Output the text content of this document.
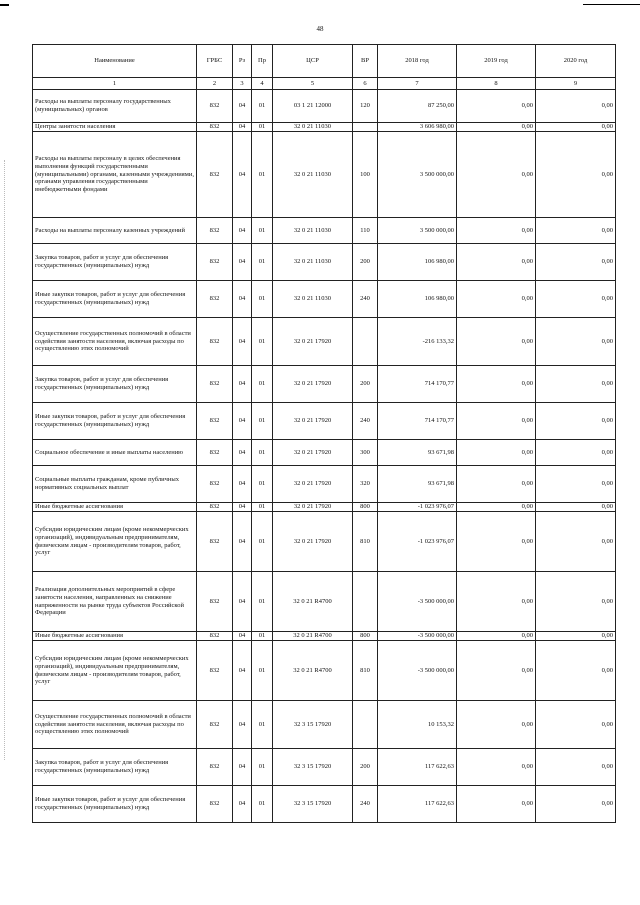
48
Наименование	ГРБС	Рз	Пр	ЦСР	ВР	2018 год	2019 год	2020 год
1	2	3	4	5	6	7	8	9
Расходы на выплаты персоналу государственных (муниципальных) органов	832	04	01	03 1 21 12000	120	87 250,00	0,00	0,00
Центры занятости населения	832	04	01	32 0 21 11030		3 606 980,00	0,00	0,00
Расходы на выплаты персоналу в целях обеспечения выполнения функций государственными (муниципальными) органами, казенными учреждениями, органами управления государственными внебюджетными фондами	832	04	01	32 0 21 11030	100	3 500 000,00	0,00	0,00
Расходы на выплаты персоналу казенных учреждений	832	04	01	32 0 21 11030	110	3 500 000,00	0,00	0,00
Закупка товаров, работ и услуг для обеспечения государственных (муниципальных) нужд	832	04	01	32 0 21 11030	200	106 980,00	0,00	0,00
Иные закупки товаров, работ и услуг для обеспечения государственных (муниципальных) нужд	832	04	01	32 0 21 11030	240	106 980,00	0,00	0,00
Осуществление государственных полномочий в области содействия занятости населения, включая расходы по осуществлению этих полномочий	832	04	01	32 0 21 17920		-216 133,32	0,00	0,00
Закупка товаров, работ и услуг для обеспечения государственных (муниципальных) нужд	832	04	01	32 0 21 17920	200	714 170,77	0,00	0,00
Иные закупки товаров, работ и услуг для обеспечения государственных (муниципальных) нужд	832	04	01	32 0 21 17920	240	714 170,77	0,00	0,00
Социальное обеспечение и иные выплаты населению	832	04	01	32 0 21 17920	300	93 671,98	0,00	0,00
Социальные выплаты гражданам, кроме публичных нормативных социальных выплат	832	04	01	32 0 21 17920	320	93 671,98	0,00	0,00
Иные бюджетные ассигнования	832	04	01	32 0 21 17920	800	-1 023 976,07	0,00	0,00
Субсидии юридическим лицам (кроме некоммерческих организаций), индивидуальным предпринимателям, физическим лицам - производителям товаров, работ, услуг	832	04	01	32 0 21 17920	810	-1 023 976,07	0,00	0,00
Реализация дополнительных мероприятий в сфере занятости населения, направленных на снижение напряженности на рынке труда субъектов Российской Федерации	832	04	01	32 0 21 R4700		-3 500 000,00	0,00	0,00
Иные бюджетные ассигнования	832	04	01	32 0 21 R4700	800	-3 500 000,00	0,00	0,00
Субсидии юридическим лицам (кроме некоммерческих организаций), индивидуальным предпринимателям, физическим лицам - производителям товаров, работ, услуг	832	04	01	32 0 21 R4700	810	-3 500 000,00	0,00	0,00
Осуществление государственных полномочий в области содействия занятости населения, включая расходы по осуществлению этих полномочий	832	04	01	32 3 15 17920		10 153,32	0,00	0,00
Закупка товаров, работ и услуг для обеспечения государственных (муниципальных) нужд	832	04	01	32 3 15 17920	200	117 622,63	0,00	0,00
Иные закупки товаров, работ и услуг для обеспечения государственных (муниципальных) нужд	832	04	01	32 3 15 17920	240	117 622,63	0,00	0,00
